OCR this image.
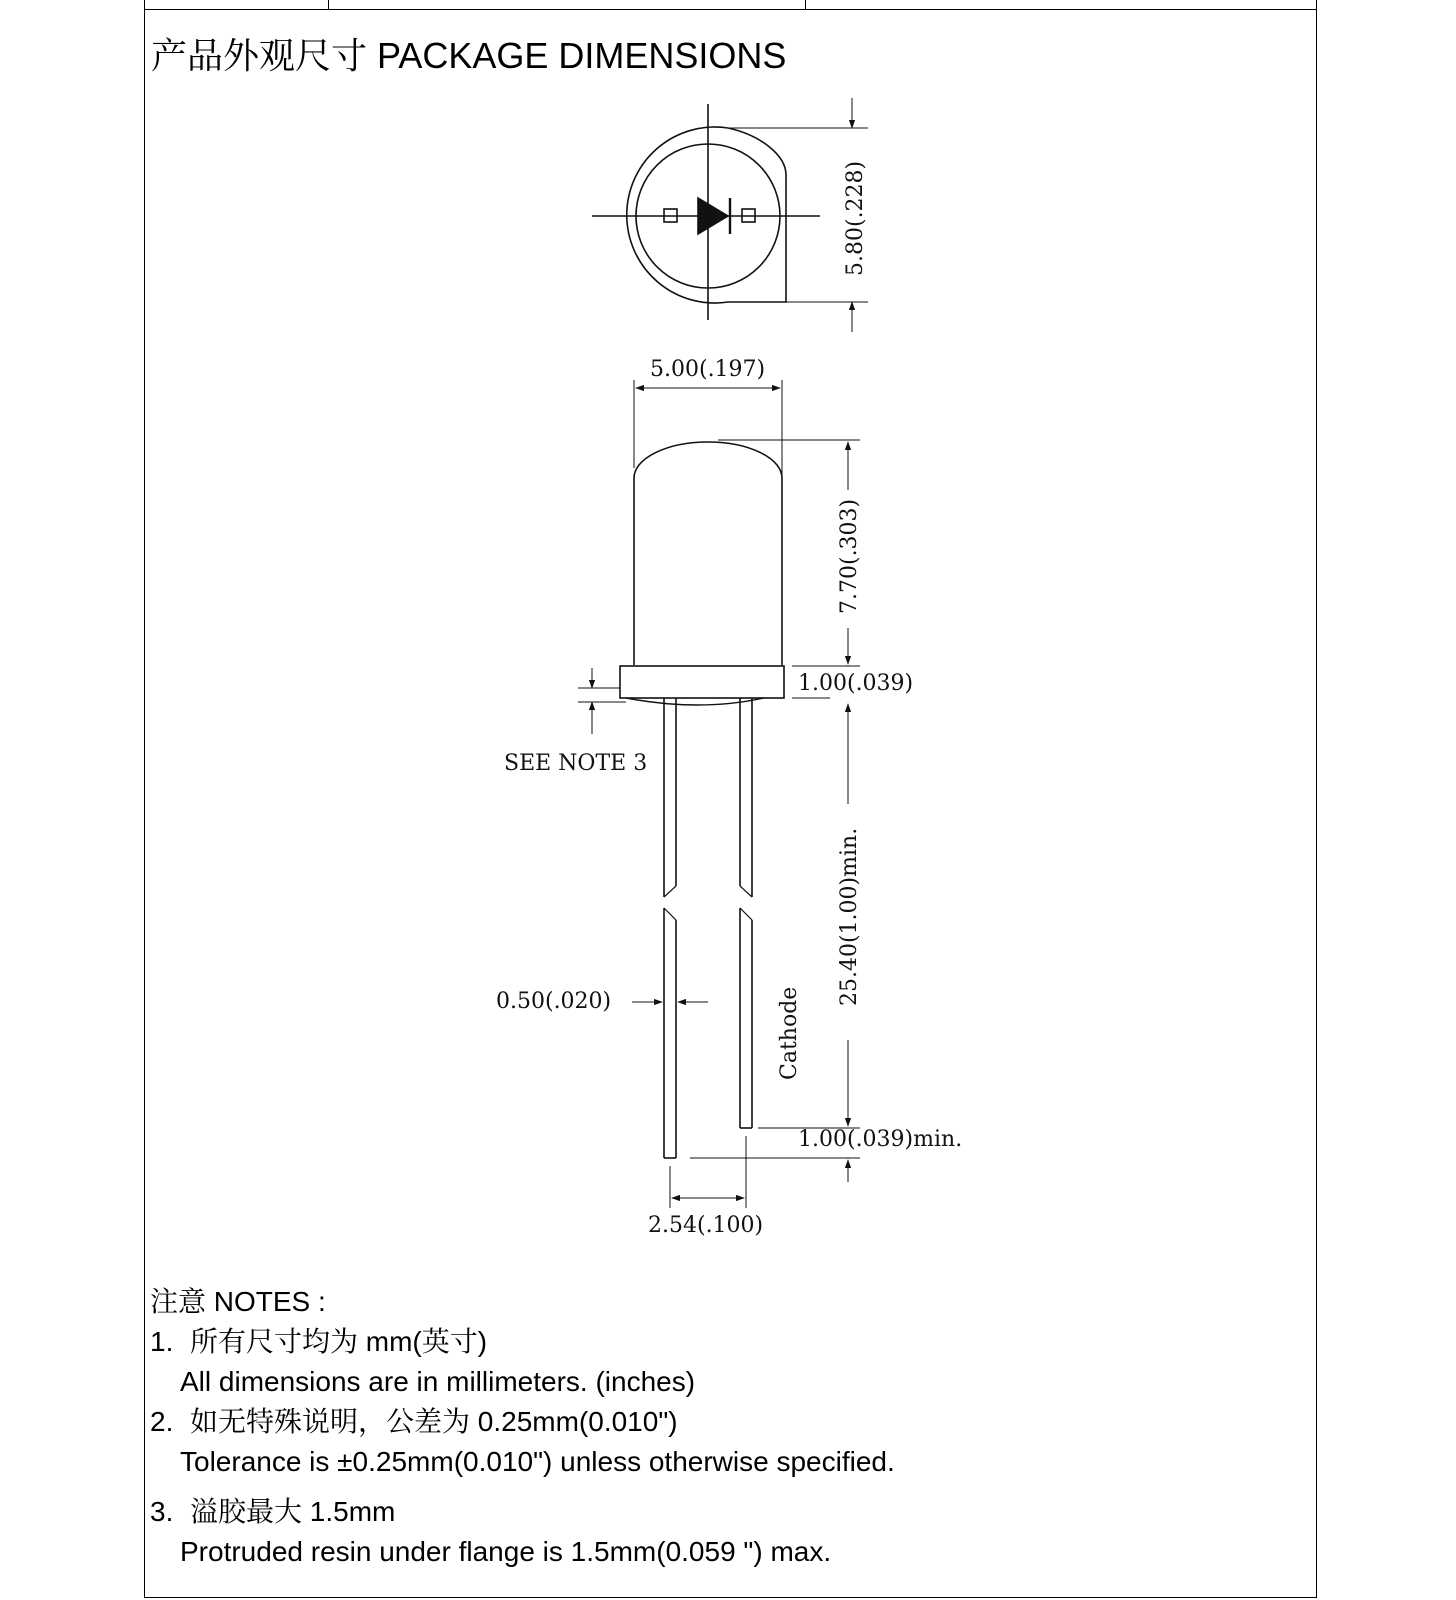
产品外观尺寸 PACKAGE DIMENSIONS
5.80(.228)
5.00(.197)
7.70(.303)
1.00(.039)
SEE NOTE 3
25.40(1.00)min.
0.50(.020)	Cathode
1.00(.039)min.
2.54(.100)
注意 NOTES :
1. 所有尺寸均为 mm(英寸)
All dimensions are in millimeters. (inches)
2. 如无特殊说明，公差为 0.25mm(0.010")
Tolerance is ±0.25mm(0.010") unless otherwise specified.
3. 溢胶最大 1.5mm
Protruded resin under flange is 1.5mm(0.059 ") max.
